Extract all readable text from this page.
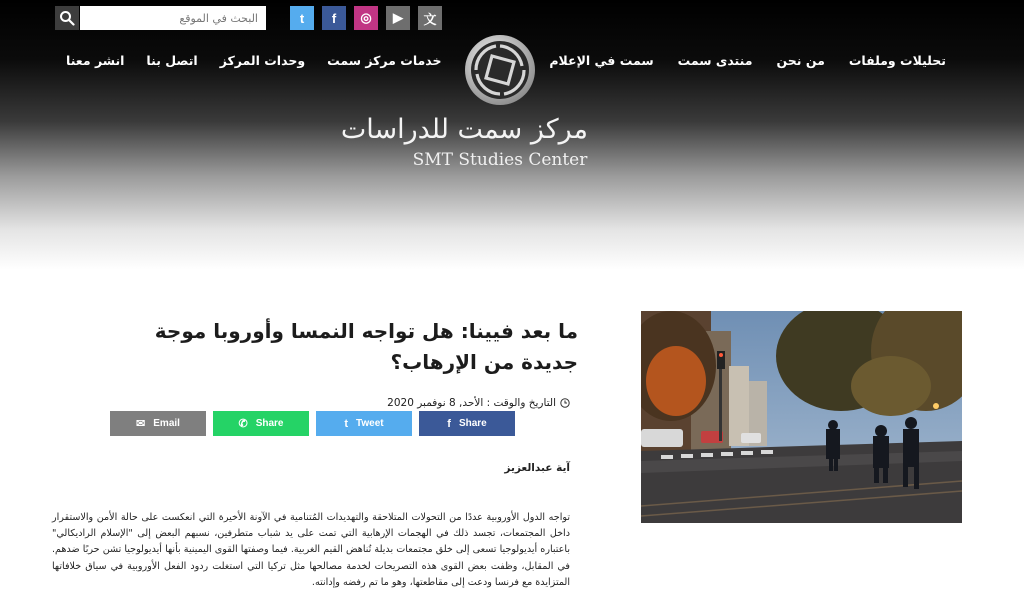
البحث في الموقع
t	f	◎	▶	文
تحليلات وملفات
من نحن
منتدى سمت
سمت في الإعلام
خدمات مركز سمت
وحدات المركز
اتصل بنا
انشر معنا
مركز سمت للدراسات
SMT Studies Center
ما بعد فيينا: هل تواجه النمسا وأوروبا موجة جديدة من الإرهاب؟
التاريخ والوقت : الأحد, 8 نوفمبر 2020
✉ Email	✆ Share	t Tweet	f Share
آية عبدالعزيز

تواجه الدول الأوروبية عددًا من التحولات المتلاحقة والتهديدات المُتنامية في الآونة الأخيرة التي انعكست على حالة الأمن والاستقرار داخل المجتمعات، تجسد ذلك في الهجمات الإرهابية التي تمت على يد شباب متطرفين، نسبهم البعض إلى "الإسلام الراديكالي" باعتباره أيديولوجيا تسعى إلى خلق مجتمعات بديلة تُناهض القيم الغربية. فيما وصفتها القوى اليمينية بأنها أيديولوجيا تشن حربًا ضدهم. في المقابل، وظفت بعض القوى هذه التصريحات لخدمة مصالحها مثل تركيا التي استغلت ردود الفعل الأوروبية في سياق خلافاتها المتزايدة مع فرنسا ودعت إلى مقاطعتها، وهو ما تم رفضه وإدانته.
